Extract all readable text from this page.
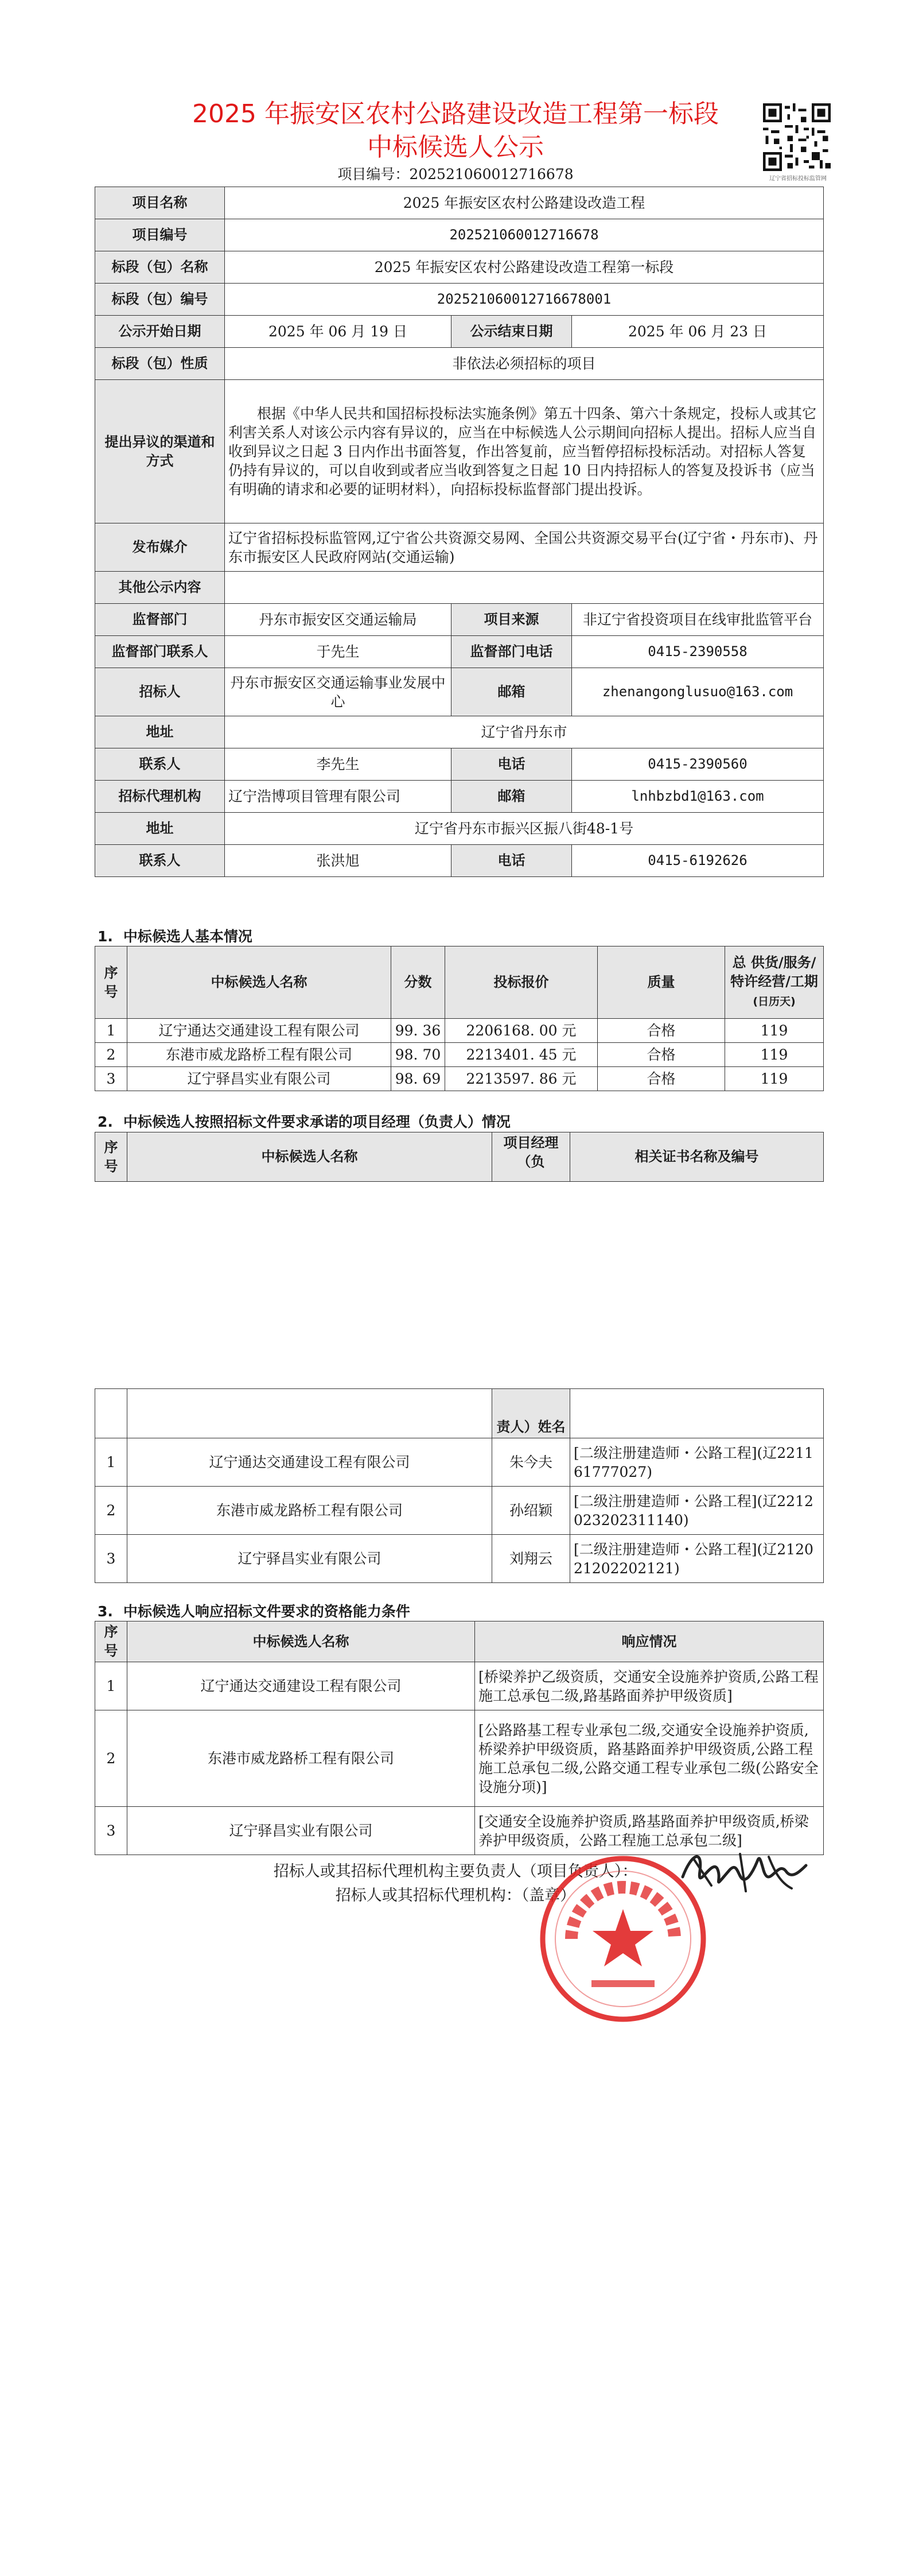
2025 年振安区农村公路建设改造工程第一标段
中标候选人公示
项目编号：202521060012716678	辽宁省招标投标监管网
项目名称	2025 年振安区农村公路建设改造工程		
项目编号	202521060012716678		
标段（包）名称	2025 年振安区农村公路建设改造工程第一标段		
标段（包）编号	202521060012716678001		
公示开始日期	2025 年 06 月 19 日	公示结束日期	2025 年 06 月 23 日
标段（包）性质	非依法必须招标的项目		
提出异议的渠道和方式	根据《中华人民共和国招标投标法实施条例》第五十四条、第六十条规定，投标人或其它利害关系人对该公示内容有异议的，应当在中标候选人公示期间向招标人提出。招标人应当自收到异议之日起 3 日内作出书面答复，作出答复前，应当暂停招标投标活动。对招标人答复仍持有异议的，可以自收到或者应当收到答复之日起 10 日内持招标人的答复及投诉书（应当有明确的请求和必要的证明材料），向招标投标监督部门提出投诉。		
发布媒介	辽宁省招标投标监管网,辽宁省公共资源交易网、全国公共资源交易平台(辽宁省・丹东市)、丹东市振安区人民政府网站(交通运输)		
其他公示内容			
监督部门	丹东市振安区交通运输局	项目来源	非辽宁省投资项目在线审批监管平台
监督部门联系人	于先生	监督部门电话	0415-2390558
招标人	丹东市振安区交通运输事业发展中心	邮箱	zhenangonglusuo@163.com
地址	辽宁省丹东市		
联系人	李先生	电话	0415-2390560
招标代理机构	辽宁浩博项目管理有限公司	邮箱	lnhbzbd1@163.com
地址	辽宁省丹东市振兴区振八街48-1号		
联系人	张洪旭	电话	0415-6192626
1. 中标候选人基本情况
序号	中标候选人名称	分数	投标报价	质量	总 供货/服务/特许经营/工期
(日历天)
1	辽宁通达交通建设工程有限公司	99. 36	2206168. 00 元	合格	119
2	东港市威龙路桥工程有限公司	98. 70	2213401. 45 元	合格	119
3	辽宁驿昌实业有限公司	98. 69	2213597. 86 元	合格	119
2. 中标候选人按照招标文件要求承诺的项目经理（负责人）情况
序号	中标候选人名称	项目经理（负	相关证书名称及编号
		责人）姓名	
1	辽宁通达交通建设工程有限公司	朱今夫	[二级注册建造师・公路工程](辽221161777027)
2	东港市威龙路桥工程有限公司	孙绍颖	[二级注册建造师・公路工程](辽2212023202311140)
3	辽宁驿昌实业有限公司	刘翔云	[二级注册建造师・公路工程](辽212021202202121)
3. 中标候选人响应招标文件要求的资格能力条件
序号	中标候选人名称	响应情况
1	辽宁通达交通建设工程有限公司	[桥梁养护乙级资质，交通安全设施养护资质,公路工程施工总承包二级,路基路面养护甲级资质]
2	东港市威龙路桥工程有限公司	[公路路基工程专业承包二级,交通安全设施养护资质,桥梁养护甲级资质，路基路面养护甲级资质,公路工程施工总承包二级,公路交通工程专业承包二级(公路安全设施分项)]
3	辽宁驿昌实业有限公司	[交通安全设施养护资质,路基路面养护甲级资质,桥梁养护甲级资质，公路工程施工总承包二级]
招标人或其招标代理机构主要负责人（项目负责人）：
招标人或其招标代理机构：（盖章）
